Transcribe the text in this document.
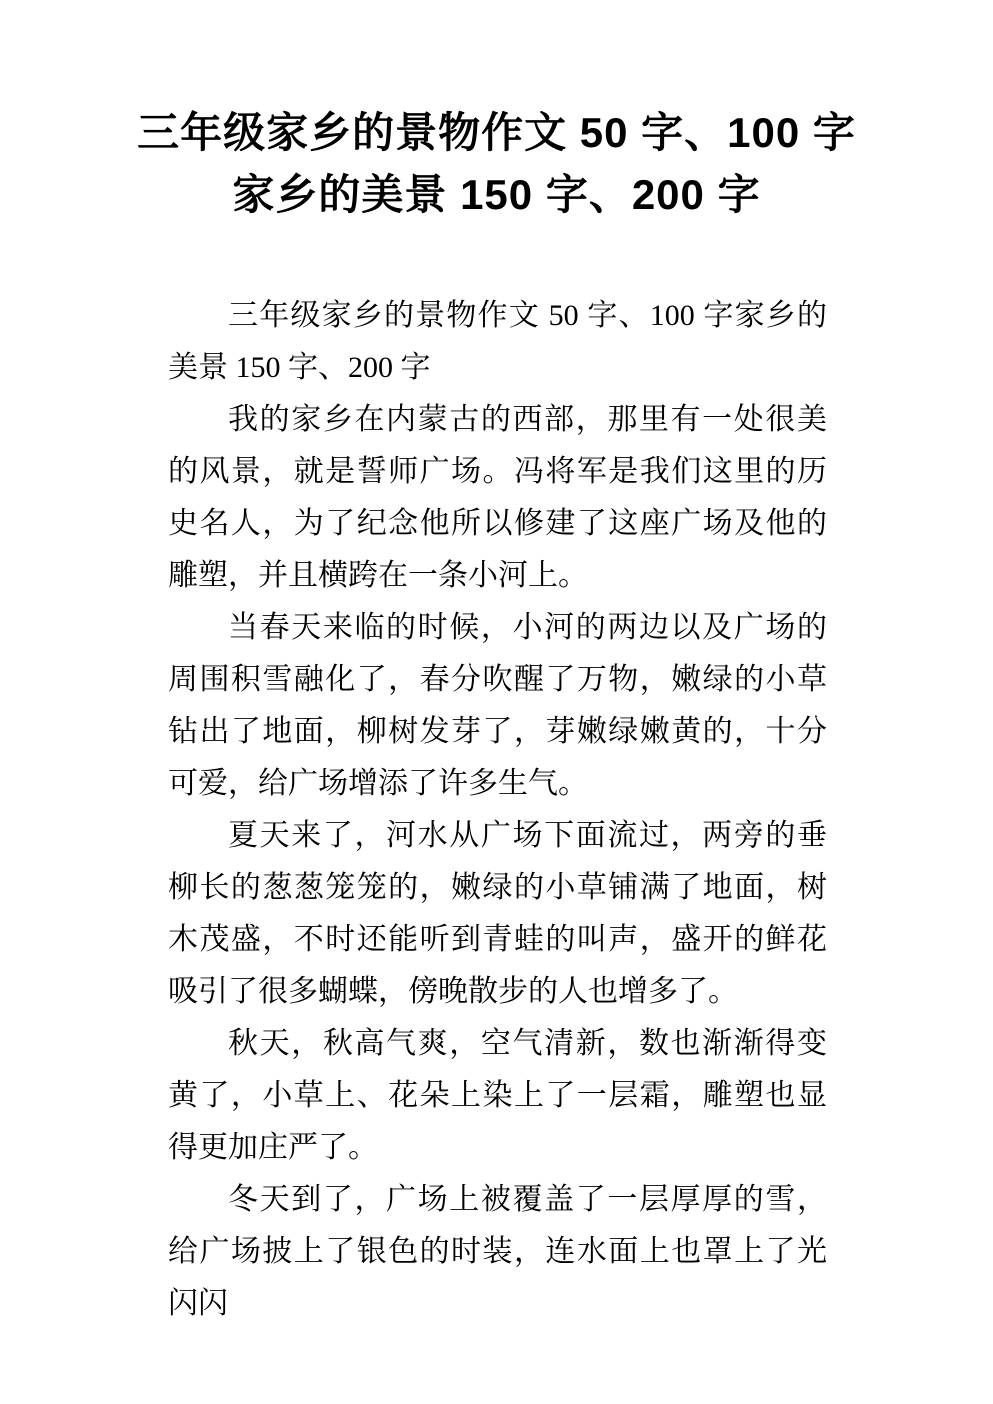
三年级家乡的景物作文 50 字、100 字
家乡的美景 150 字、200 字

三年级家乡的景物作文 50 字、100 字家乡的美景 150 字、200 字

我的家乡在内蒙古的西部，那里有一处很美的风景，就是誓师广场。冯将军是我们这里的历史名人，为了纪念他所以修建了这座广场及他的雕塑，并且横跨在一条小河上。

当春天来临的时候，小河的两边以及广场的周围积雪融化了，春分吹醒了万物，嫩绿的小草钻出了地面，柳树发芽了，芽嫩绿嫩黄的，十分可爱，给广场增添了许多生气。

夏天来了，河水从广场下面流过，两旁的垂柳长的葱葱笼笼的，嫩绿的小草铺满了地面，树木茂盛，不时还能听到青蛙的叫声，盛开的鲜花吸引了很多蝴蝶，傍晚散步的人也增多了。

秋天，秋高气爽，空气清新，数也渐渐得变黄了，小草上、花朵上染上了一层霜，雕塑也显得更加庄严了。

冬天到了，广场上被覆盖了一层厚厚的雪，给广场披上了银色的时装，连水面上也罩上了光闪闪
